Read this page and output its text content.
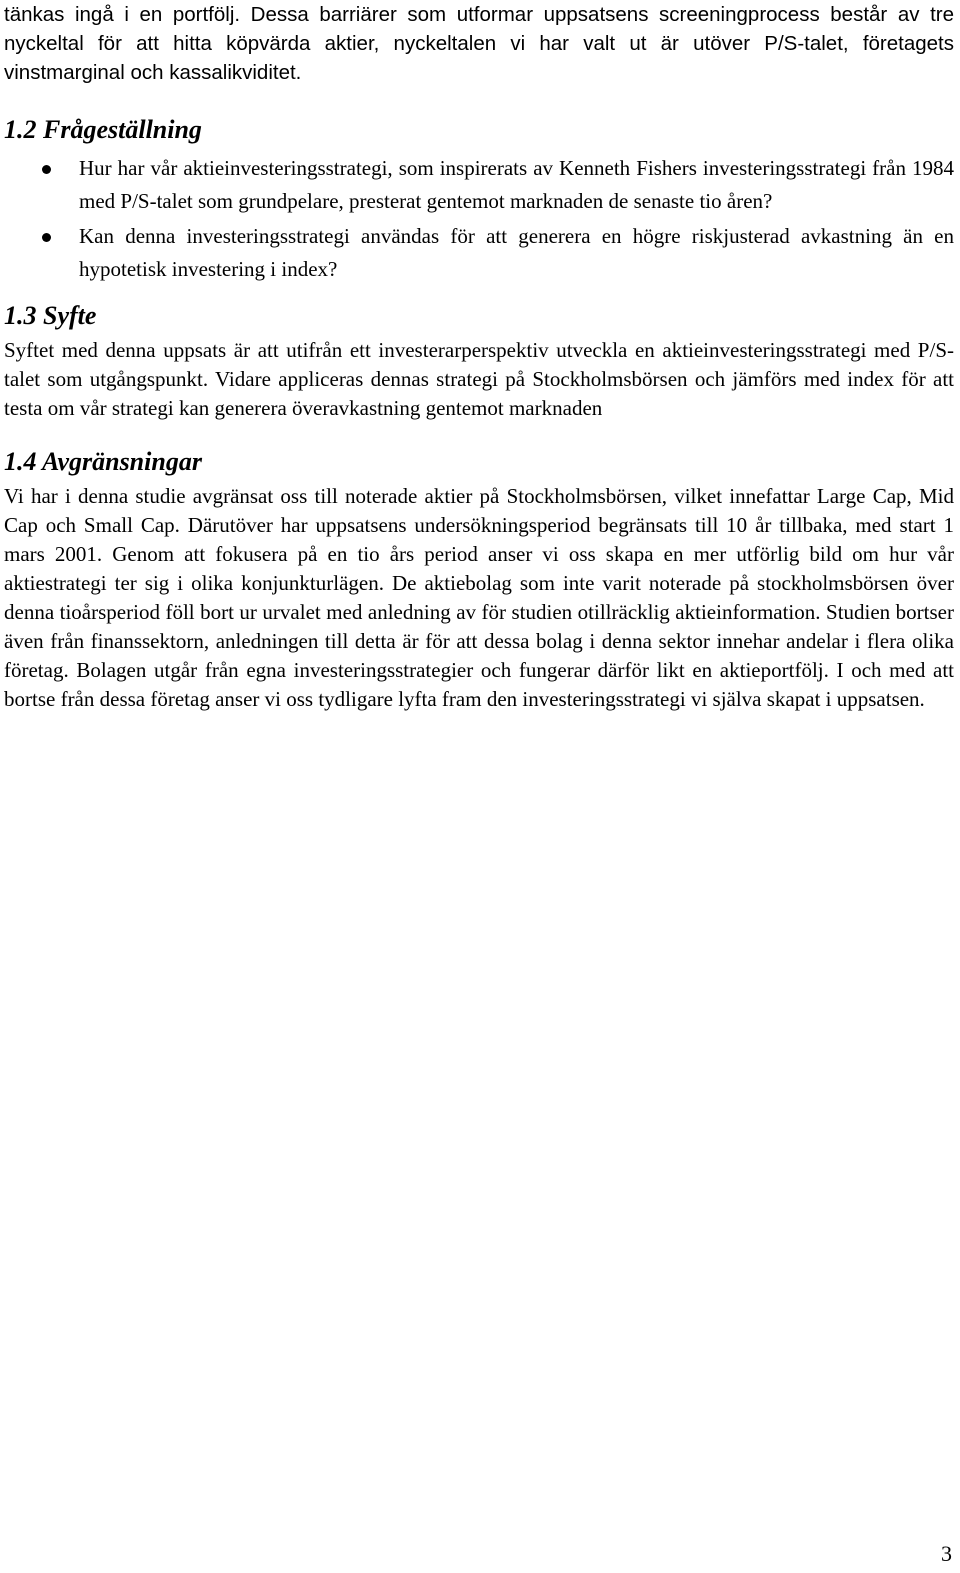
tänkas ingå i en portfölj. Dessa barriärer som utformar uppsatsens screeningprocess består av tre nyckeltal för att hitta köpvärda aktier, nyckeltalen vi har valt ut är utöver P/S-talet, företagets vinstmarginal och kassalikviditet.

1.2 Frågeställning
Hur har vår aktieinvesteringsstrategi, som inspirerats av Kenneth Fishers investeringsstrategi från 1984 med P/S-talet som grundpelare, presterat gentemot marknaden de senaste tio åren?
Kan denna investeringsstrategi användas för att generera en högre riskjusterad avkastning än en hypotetisk investering i index?
1.3 Syfte

Syftet med denna uppsats är att utifrån ett investerarperspektiv utveckla en aktieinvesteringsstrategi med P/S-talet som utgångspunkt. Vidare appliceras dennas strategi på Stockholmsbörsen och jämförs med index för att testa om vår strategi kan generera överavkastning gentemot marknaden

1.4 Avgränsningar

Vi har i denna studie avgränsat oss till noterade aktier på Stockholmsbörsen, vilket innefattar Large Cap, Mid Cap och Small Cap. Därutöver har uppsatsens undersökningsperiod begränsats till 10 år tillbaka, med start 1 mars 2001. Genom att fokusera på en tio års period anser vi oss skapa en mer utförlig bild om hur vår aktiestrategi ter sig i olika konjunkturlägen. De aktiebolag som inte varit noterade på stockholmsbörsen över denna tioårsperiod föll bort ur urvalet med anledning av för studien otillräcklig aktieinformation. Studien bortser även från finanssektorn, anledningen till detta är för att dessa bolag i denna sektor innehar andelar i flera olika företag. Bolagen utgår från egna investeringsstrategier och fungerar därför likt en aktieportfölj. I och med att bortse från dessa företag anser vi oss tydligare lyfta fram den investeringsstrategi vi själva skapat i uppsatsen.

3
